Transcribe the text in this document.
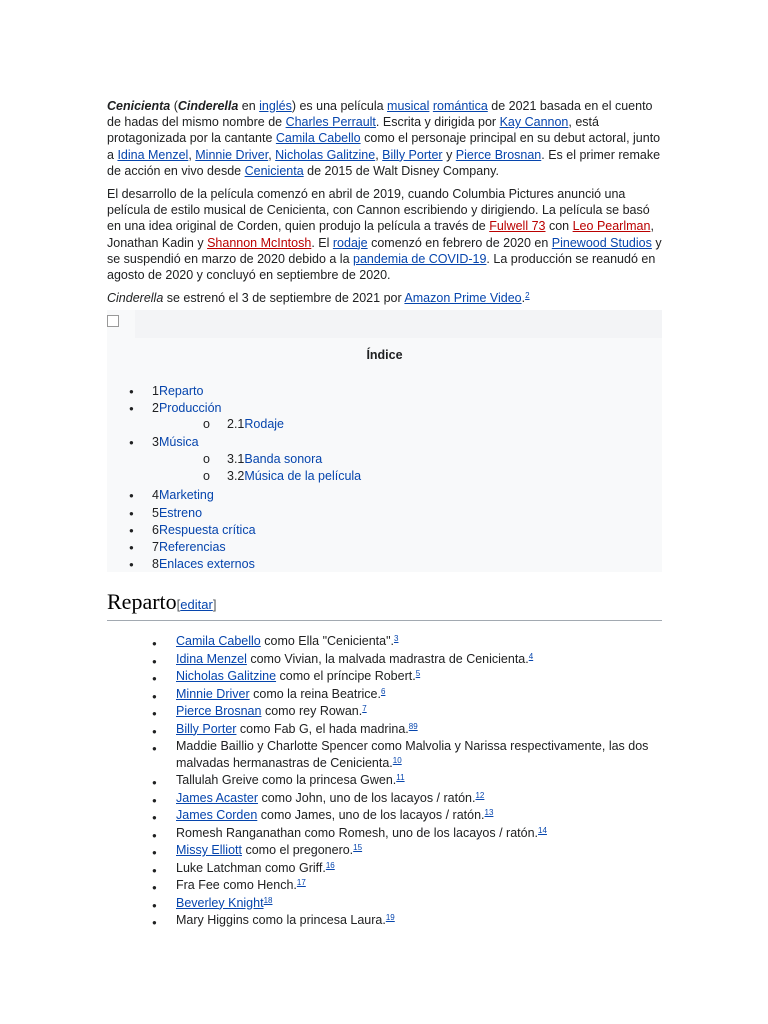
Cenicienta (Cinderella en inglés) es una película musical romántica de 2021 basada en el cuento de hadas del mismo nombre de Charles Perrault. Escrita y dirigida por Kay Cannon, está protagonizada por la cantante Camila Cabello como el personaje principal en su debut actoral, junto a Idina Menzel, Minnie Driver, Nicholas Galitzine, Billy Porter y Pierce Brosnan. Es el primer remake de acción en vivo desde Cenicienta de 2015 de Walt Disney Company.

El desarrollo de la película comenzó en abril de 2019, cuando Columbia Pictures anunció una película de estilo musical de Cenicienta, con Cannon escribiendo y dirigiendo. La película se basó en una idea original de Corden, quien produjo la película a través de Fulwell 73 con Leo Pearlman, Jonathan Kadin y Shannon McIntosh. El rodaje comenzó en febrero de 2020 en Pinewood Studios y se suspendió en marzo de 2020 debido a la pandemia de COVID-19. La producción se reanudó en agosto de 2020 y concluyó en septiembre de 2020.

Cinderella se estrenó el 3 de septiembre de 2021 por Amazon Prime Video.$^2$

Índice
● 1Reparto
● 2Producción
o 2.1Rodaje
● 3Música
o 3.1Banda sonora
o 3.2Música de la película
● 4Marketing
● 5Estreno
● 6Respuesta crítica
● 7Referencias
● 8Enlaces externos
Reparto[editar]
● Camila Cabello como Ella "Cenicienta".$^3$
● Idina Menzel como Vivian, la malvada madrastra de Cenicienta.$^4$
● Nicholas Galitzine como el príncipe Robert.$^5$
● Minnie Driver como la reina Beatrice.$^6$
● Pierce Brosnan como rey Rowan.$^7$
● Billy Porter como Fab G, el hada madrina.$^{89}$
● Maddie Baillio y Charlotte Spencer como Malvolia y Narissa respectivamente, las dos malvadas hermanastras de Cenicienta.$^{10}$
● Tallulah Greive como la princesa Gwen.$^{11}$
● James Acaster como John, uno de los lacayos / ratón.$^{12}$
● James Corden como James, uno de los lacayos / ratón.$^{13}$
● Romesh Ranganathan como Romesh, uno de los lacayos / ratón.$^{14}$
● Missy Elliott como el pregonero.$^{15}$
● Luke Latchman como Griff.$^{16}$
● Fra Fee como Hench.$^{17}$
● Beverley Knight$^{18}$
● Mary Higgins como la princesa Laura.$^{19}$
